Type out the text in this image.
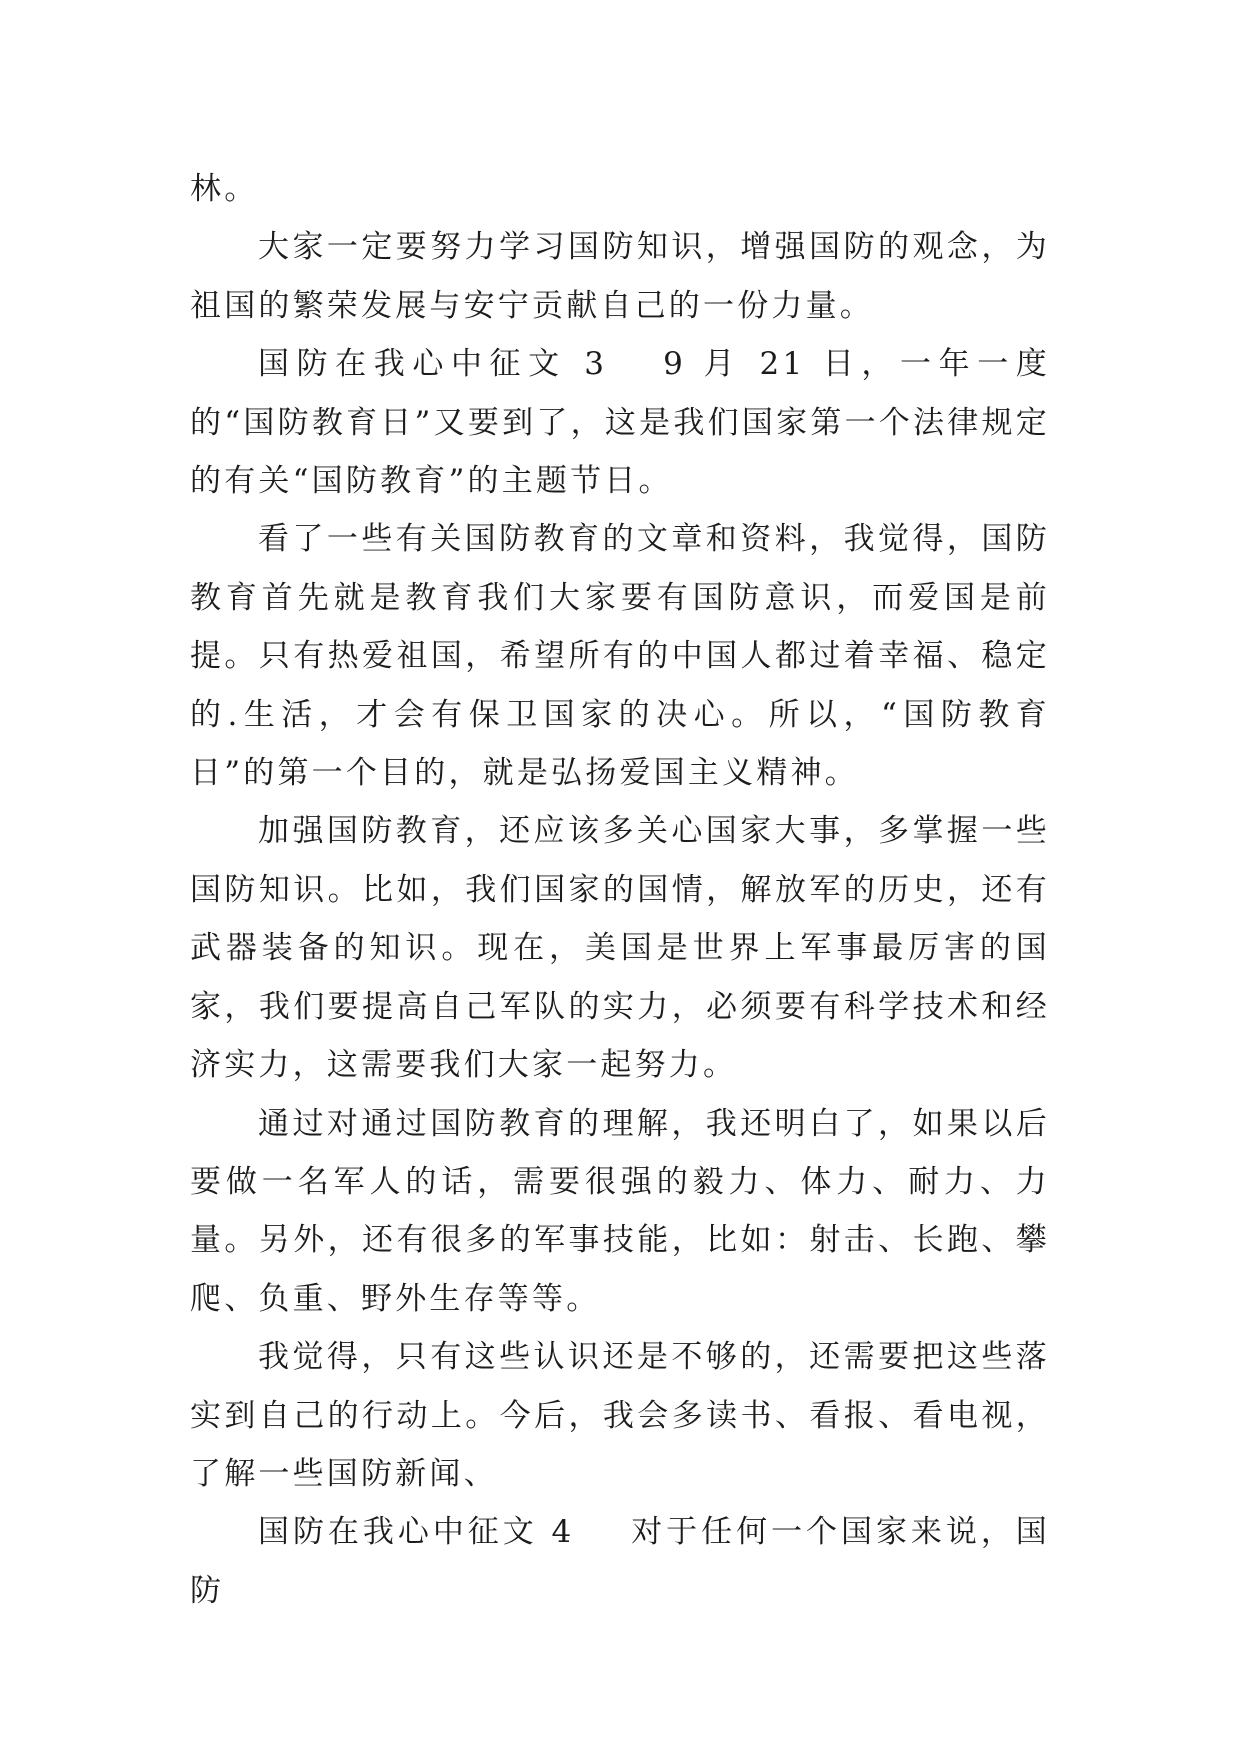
林。

大家一定要努力学习国防知识，增强国防的观念，为祖国的繁荣发展与安宁贡献自己的一份力量。

国防在我心中征文 3 9 月 21 日，一年一度的“国防教育日”又要到了，这是我们国家第一个法律规定的有关“国防教育”的主题节日。

看了一些有关国防教育的文章和资料，我觉得，国防教育首先就是教育我们大家要有国防意识，而爱国是前提。只有热爱祖国，希望所有的中国人都过着幸福、稳定的.生活，才会有保卫国家的决心。所以，“国防教育日”的第一个目的，就是弘扬爱国主义精神。

加强国防教育，还应该多关心国家大事，多掌握一些国防知识。比如，我们国家的国情，解放军的历史，还有武器装备的知识。现在，美国是世界上军事最厉害的国家，我们要提高自己军队的实力，必须要有科学技术和经济实力，这需要我们大家一起努力。

通过对通过国防教育的理解，我还明白了，如果以后要做一名军人的话，需要很强的毅力、体力、耐力、力量。另外，还有很多的军事技能，比如：射击、长跑、攀爬、负重、野外生存等等。

我觉得，只有这些认识还是不够的，还需要把这些落实到自己的行动上。今后，我会多读书、看报、看电视，了解一些国防新闻、

国防在我心中征文 4 对于任何一个国家来说，国防
